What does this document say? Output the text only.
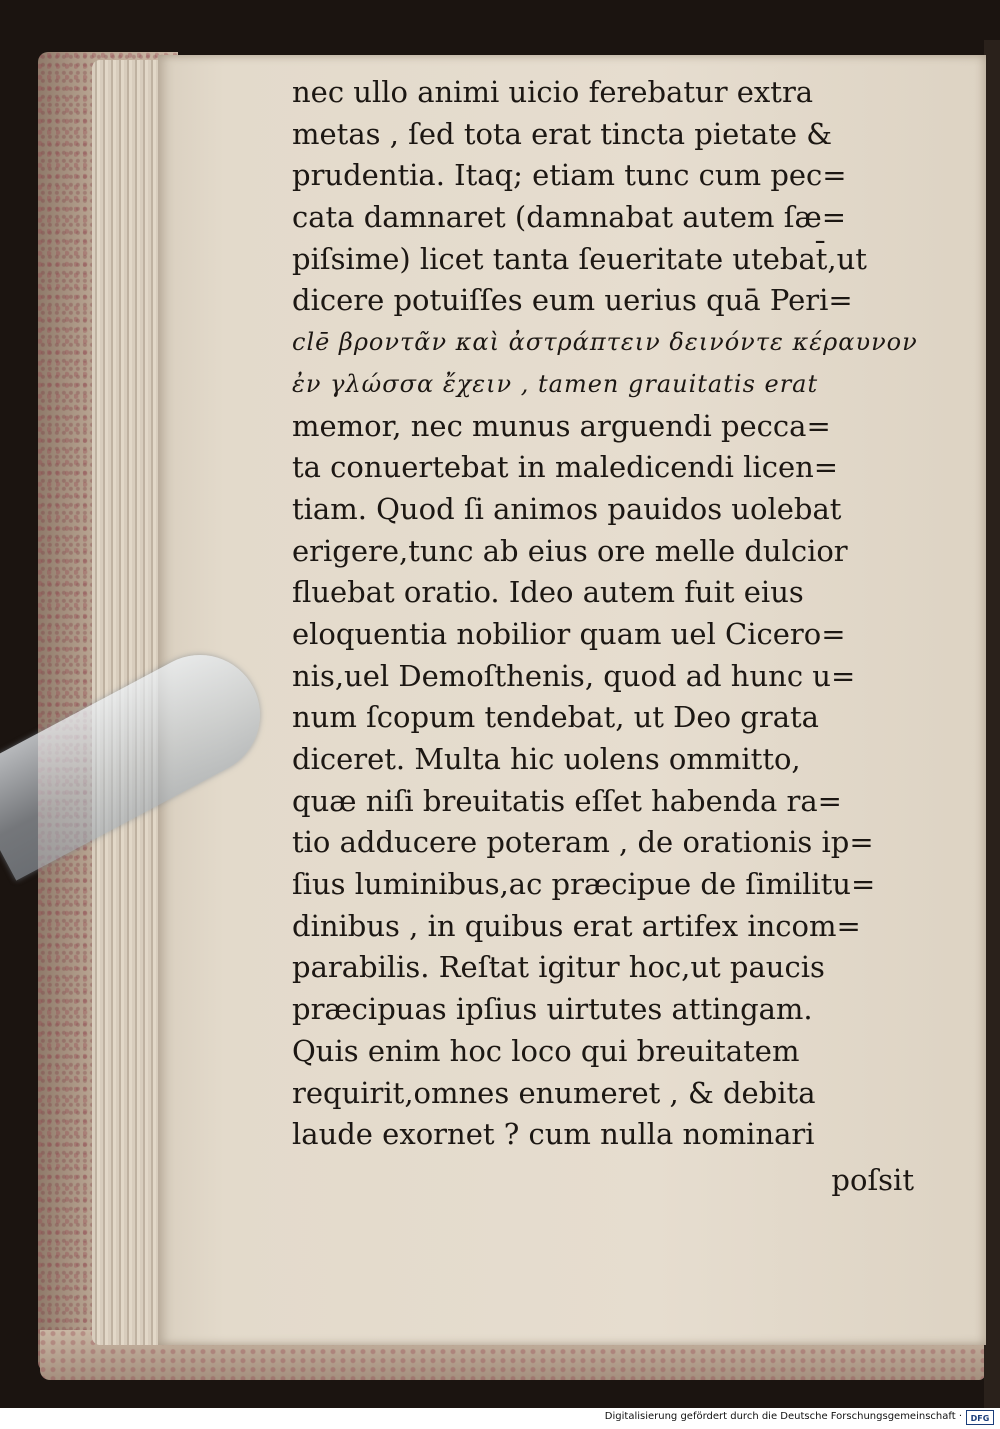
nec ullo animi uicio ferebatur extra
metas , ſed tota erat tincta pietate &
prudentia. Itaq; etiam tunc cum pec=
cata damnaret (damnabat autem ſæ=
piſsime) licet tanta ſeueritate utebat̄,ut
dicere potuiſſes eum uerius quā Peri=
clē βροντᾶν καὶ ἀστράπτειν δεινόντε κέραυνον
ἐν γλώσσα ἔχειν , tamen grauitatis erat
memor, nec munus arguendi pecca=
ta conuertebat in maledicendi licen=
tiam. Quod ſi animos pauidos uolebat
erigere,tunc ab eius ore melle dulcior
fluebat oratio. Ideo autem fuit eius
eloquentia nobilior quam uel Cicero=
nis,uel Demoſthenis, quod ad hunc u=
num ſcopum tendebat, ut Deo grata
diceret. Multa hic uolens ommitto,
quæ niſi breuitatis eſſet habenda ra=
tio adducere poteram , de orationis ip=
ſius luminibus,ac præcipue de ſimilitu=
dinibus , in quibus erat artifex incom=
parabilis. Reſtat igitur hoc,ut paucis
præcipuas ipſius uirtutes attingam.
Quis enim hoc loco qui breuitatem
requirit,omnes enumeret , & debita
laude exornet ? cum nulla nominari
poſsit
Digitalisierung gefördert durch die Deutsche Forschungsgemeinschaft ·	DFG
